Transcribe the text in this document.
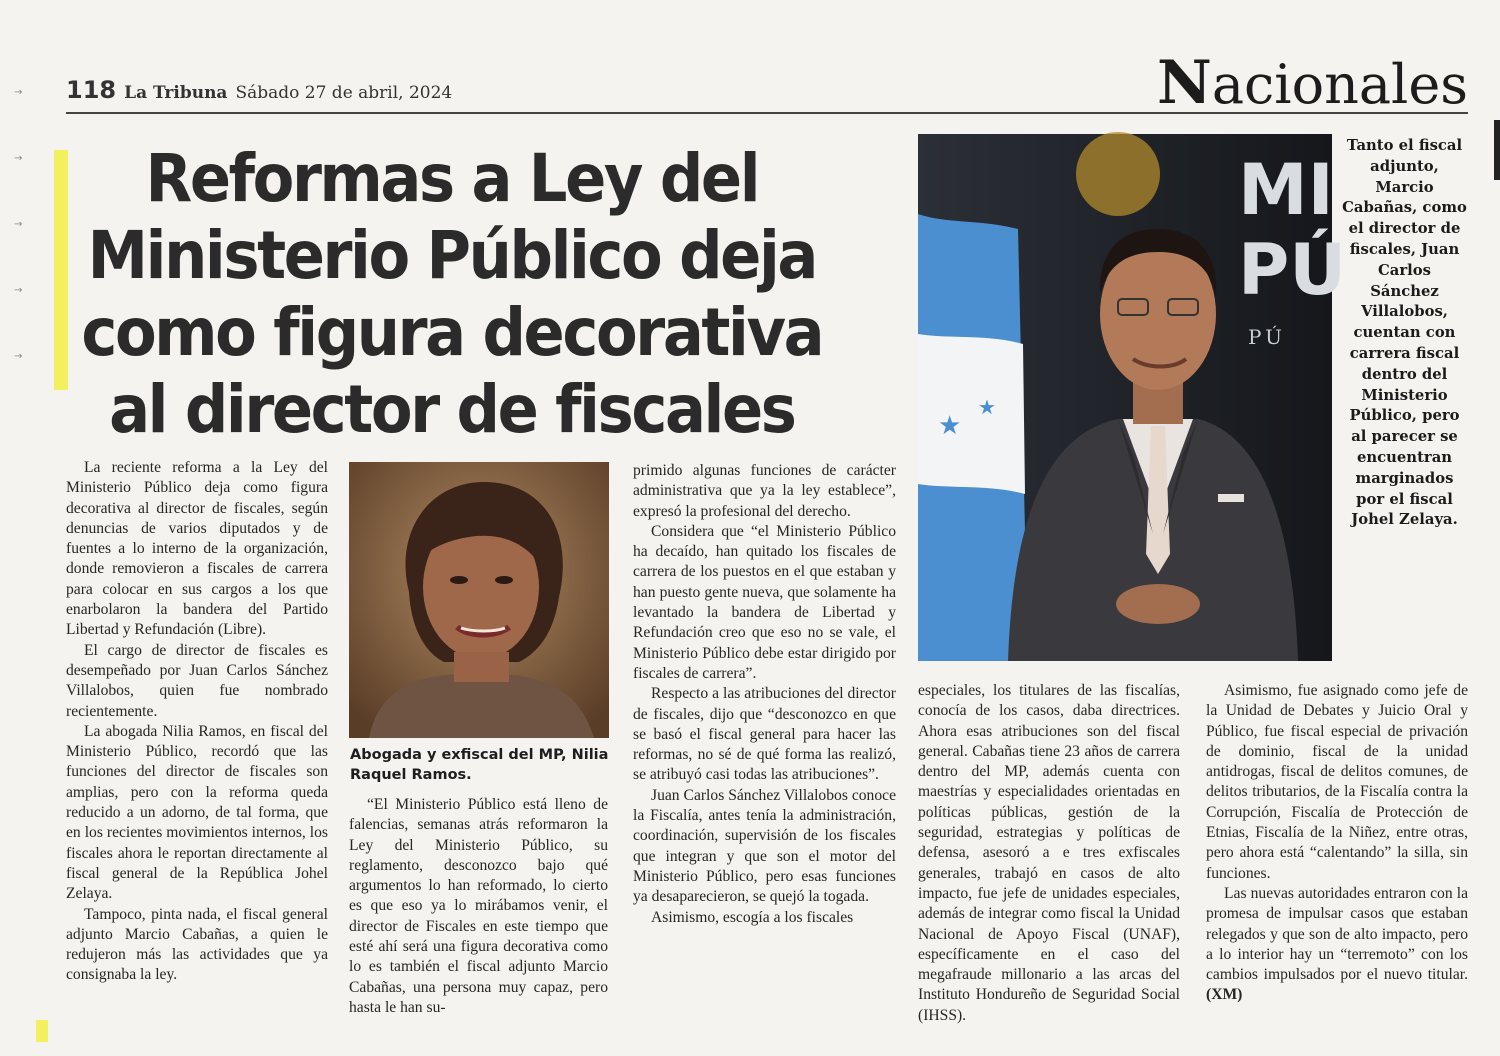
→
→
→
→
→
118 La Tribuna Sábado 27 de abril, 2024	Nacionales
Reformas a Ley del
Ministerio Público deja
como figura decorativa
al director de fiscales

La reciente reforma a la Ley del Ministerio Público deja como figura decorativa al director de fiscales, según denuncias de varios diputados y de fuentes a lo interno de la organización, donde removieron a fiscales de carrera para colocar en sus cargos a los que enarbolaron la bandera del Partido Libertad y Refundación (Libre).

El cargo de director de fiscales es desempeñado por Juan Carlos Sánchez Villalobos, quien fue nombrado recientemente.

La abogada Nilia Ramos, en fiscal del Ministerio Público, recordó que las funciones del director de fiscales son amplias, pero con la reforma queda reducido a un adorno, de tal forma, que en los recientes movimientos internos, los fiscales ahora le reportan directamente al fiscal general de la República Johel Zelaya.

Tampoco, pinta nada, el fiscal general adjunto Marcio Cabañas, a quien le redujeron más las actividades que ya consignaba la ley.

Abogada y exfiscal del MP, Nilia Raquel Ramos.

“El Ministerio Público está lleno de falencias, semanas atrás reformaron la Ley del Ministerio Público, su reglamento, desconozco bajo qué argumentos lo han reformado, lo cierto es que eso ya lo mirábamos venir, el director de Fiscales en este tiempo que esté ahí será una figura decorativa como lo es también el fiscal adjunto Marcio Cabañas, una persona muy capaz, pero hasta le han su-

primido algunas funciones de carácter administrativa que ya la ley establece”, expresó la profesional del derecho.

Considera que “el Ministerio Público ha decaído, han quitado los fiscales de carrera de los puestos en el que estaban y han puesto gente nueva, que solamente ha levantado la bandera de Libertad y Refundación creo que eso no se vale, el Ministerio Público debe estar dirigido por fiscales de carrera”.

Respecto a las atribuciones del director de fiscales, dijo que “desconozco en que se basó el fiscal general para hacer las reformas, no sé de qué forma las realizó, se atribuyó casi todas las atribuciones”.

Juan Carlos Sánchez Villalobos conoce la Fiscalía, antes tenía la administración, coordinación, supervisión de los fiscales que integran y que son el motor del Ministerio Público, pero esas funciones ya desaparecieron, se quejó la togada.

Asimismo, escogía a los fiscales

★
★
MI
PÚ
PÚ
Tanto el fiscal adjunto, Marcio Cabañas, como el director de fiscales, Juan Carlos Sánchez Villalobos, cuentan con carrera fiscal dentro del Ministerio Público, pero al parecer se encuentran marginados por el fiscal Johel Zelaya.

especiales, los titulares de las fiscalías, conocía de los casos, daba directrices. Ahora esas atribuciones son del fiscal general. Cabañas tiene 23 años de carrera dentro del MP, además cuenta con maestrías y especialidades orientadas en políticas públicas, gestión de la seguridad, estrategias y políticas de defensa, asesoró a e tres exfiscales generales, trabajó en casos de alto impacto, fue jefe de unidades especiales, además de integrar como fiscal la Unidad Nacional de Apoyo Fiscal (UNAF), específicamente en el caso del megafraude millonario a las arcas del Instituto Hondureño de Seguridad Social (IHSS).

Asimismo, fue asignado como jefe de la Unidad de Debates y Juicio Oral y Público, fue fiscal especial de privación de dominio, fiscal de la unidad antidrogas, fiscal de delitos comunes, de delitos tributarios, de la Fiscalía contra la Corrupción, Fiscalía de Protección de Etnias, Fiscalía de la Niñez, entre otras, pero ahora está “calentando” la silla, sin funciones.

Las nuevas autoridades entraron con la promesa de impulsar casos que estaban relegados y que son de alto impacto, pero a lo interior hay un “terremoto” con los cambios impulsados por el nuevo titular. (XM)
